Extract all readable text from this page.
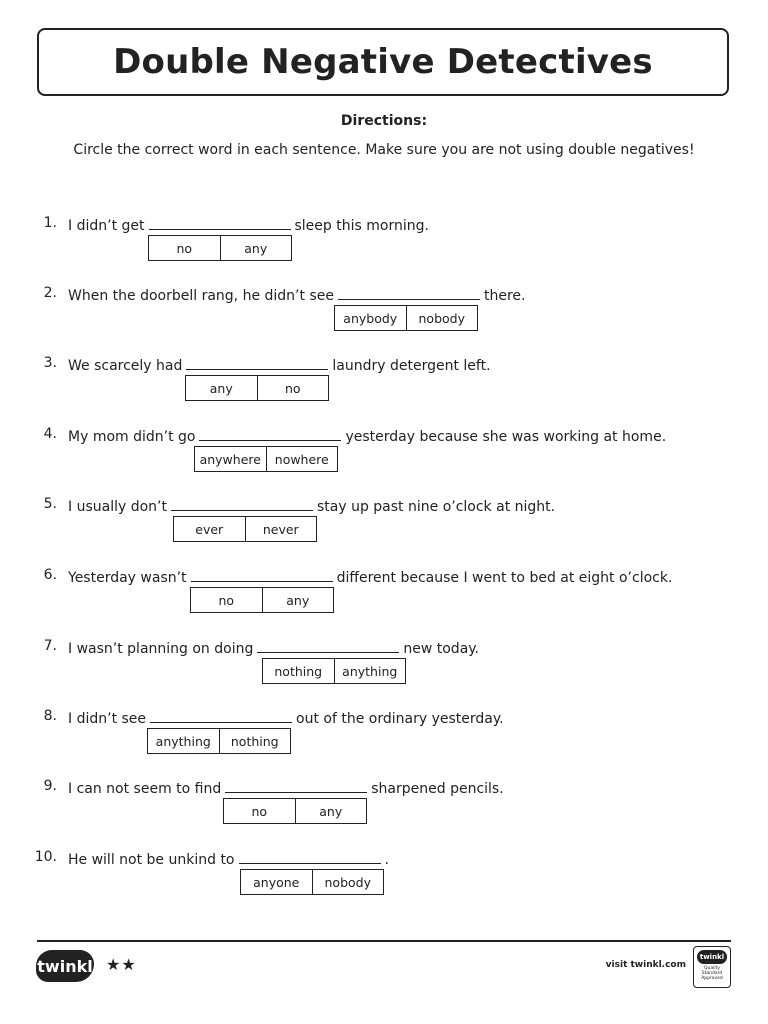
Double Negative Detectives
Directions:
Circle the correct word in each sentence. Make sure you are not using double negatives!
1. I didn’t get	sleep this morning.
no	any
2. When the doorbell rang, he didn’t see	there.
anybody	nobody
3. We scarcely had	laundry detergent left.
any	no
4. My mom didn’t go	yesterday because she was working at home.
anywhere	nowhere
5. I usually don’t	stay up past nine o’clock at night.
ever	never
6. Yesterday wasn’t	different because I went to bed at eight o’clock.
no	any
7. I wasn’t planning on doing	new today.
nothing	anything
8. I didn’t see	out of the ordinary yesterday.
anything	nothing
9. I can not seem to find	sharpened pencils.
no	any
10. He will not be unkind to	.
anyone	nobody
twinkl ★★	visit twinkl.com
twinkl
Quality Standard Approved
